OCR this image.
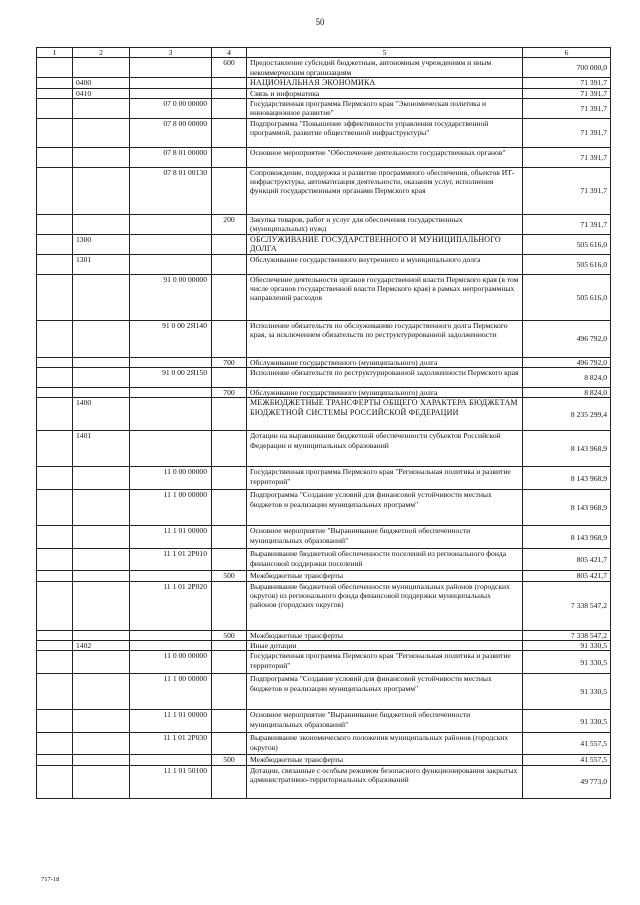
50
1	2	3	4	5	6
			600	Предоставление субсидий бюджетным, автономным учреждениям и иным некоммерческим организациям	700 000,0
	0400			НАЦИОНАЛЬНАЯ ЭКОНОМИКА	71 391,7
	0410			Связь и информатика	71 391,7
		07 0 00 00000		Государственная программа Пермского края "Экономическая политика и инновационное развитие"	71 391,7
		07 8 00 00000		Подпрограмма "Повышение эффективности управления государственной программой, развитие общественной инфраструктуры"	71 391,7
		07 8 01 00000		Основное мероприятие "Обеспечение деятельности государственных органов"	71 391,7
		07 8 01 00130		Сопровождение, поддержка и развитие программного обеспечения, объектов ИТ-инфраструктуры, автоматизация деятельности, оказания услуг, исполнения функций государственными органами Пермского края	71 391,7
			200	Закупка товаров, работ и услуг для обеспечения государственных (муниципальных) нужд	71 391,7
	1300			ОБСЛУЖИВАНИЕ ГОСУДАРСТВЕННОГО И МУНИЦИПАЛЬНОГО ДОЛГА	505 616,0
	1301			Обслуживание государственного внутреннего и муниципального долга	505 616,0
		91 0 00 00000		Обеспечение деятельности органов государственной власти Пермского края (в том числе органов государственной власти Пермского края) в рамках непрограммных направлений расходов	505 616,0
		91 0 00 2Я140		Исполнение обязательств по обслуживанию государственного долга Пермского края, за исключением обязательств по реструктурированной задолженности	496 792,0
			700	Обслуживание государственного (муниципального) долга	496 792,0
		91 0 00 2Я150		Исполнение обязательств по реструктурированной задолженности Пермского края	8 824,0
			700	Обслуживание государственного (муниципального) долга	8 824,0
	1400			МЕЖБЮДЖЕТНЫЕ ТРАНСФЕРТЫ ОБЩЕГО ХАРАКТЕРА БЮДЖЕТАМ БЮДЖЕТНОЙ СИСТЕМЫ РОССИЙСКОЙ ФЕДЕРАЦИИ	8 235 299,4
	1401			Дотации на выравнивание бюджетной обеспеченности субъектов Российской Федерации и муниципальных образований	8 143 968,9
		11 0 00 00000		Государственная программа Пермского края "Региональная политика и развитие территорий"	8 143 968,9
		11 1 00 00000		Подпрограмма "Создание условий для финансовой устойчивости местных бюджетов и реализации муниципальных программ"	8 143 968,9
		11 1 01 00000		Основное мероприятие "Выравнивание бюджетной обеспеченности муниципальных образований"	8 143 968,9
		11 1 01 2Р010		Выравнивание бюджетной обеспеченности поселений из регионального фонда финансовой поддержки поселений	805 421,7
			500	Межбюджетные трансферты	805 421,7
		11 1 01 2Р020		Выравнивание бюджетной обеспеченности муниципальных районов (городских округов) из регионального фонда финансовой поддержки муниципальных районов (городских округов)	7 338 547,2
			500	Межбюджетные трансферты	7 338 547,2
	1402			Иные дотации	91 330,5
		11 0 00 00000		Государственная программа Пермского края "Региональная политика и развитие территорий"	91 330,5
		11 1 00 00000		Подпрограмма "Создание условий для финансовой устойчивости местных бюджетов и реализации муниципальных программ"	91 330,5
		11 1 01 00000		Основное мероприятие "Выравнивание бюджетной обеспеченности муниципальных образований"	91 330,5
		11 1 01 2Р030		Выравнивание экономического положения муниципальных районов (городских округов)	41 557,5
			500	Межбюджетные трансферты	41 557,5
		11 1 01 50100		Дотации, связанные с особым режимом безопасного функционирования закрытых административно-территориальных образований	49 773,0
717-18
